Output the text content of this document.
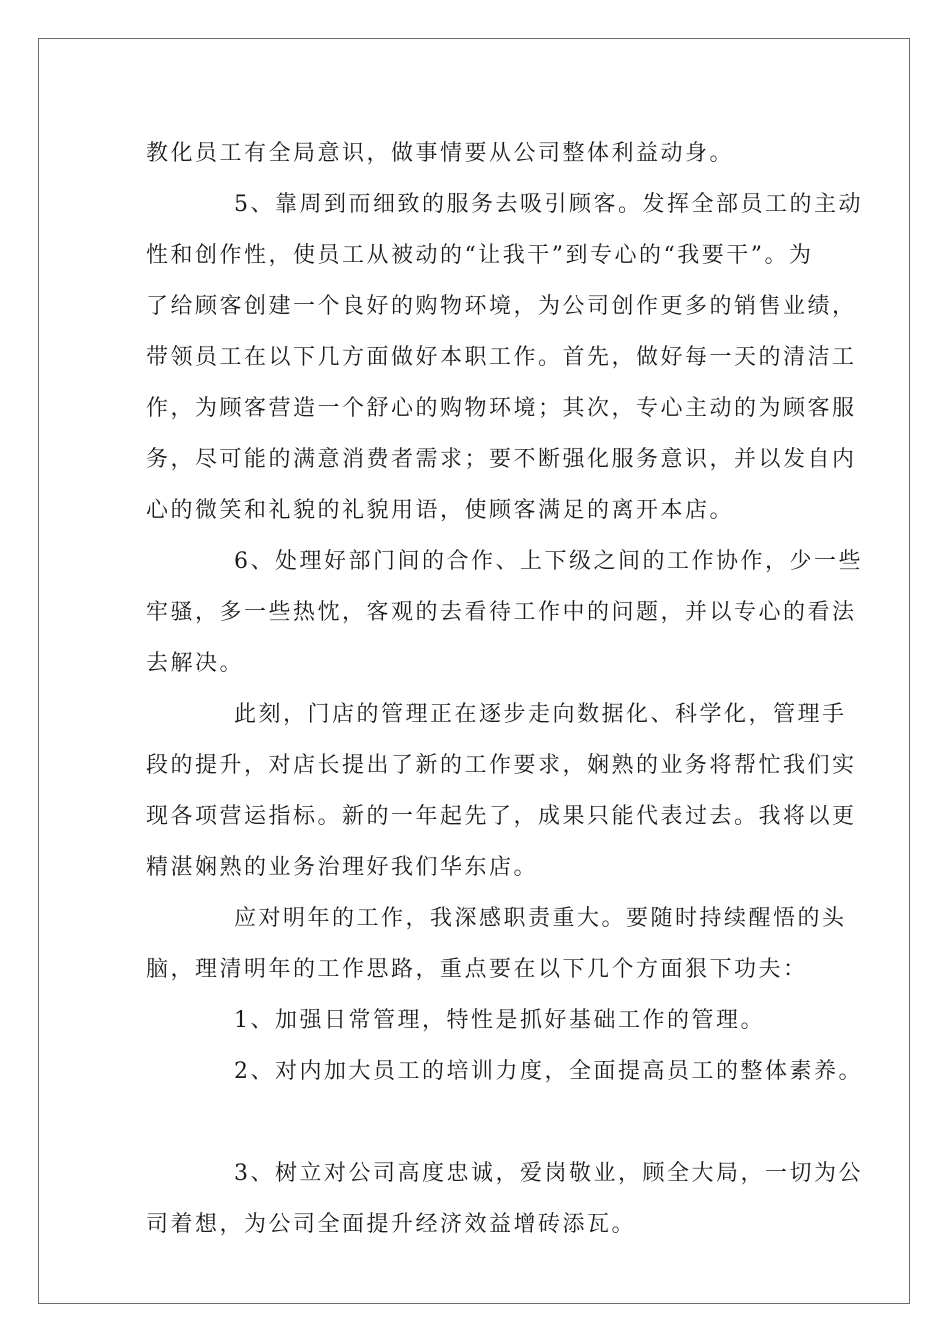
教化员工有全局意识，做事情要从公司整体利益动身。
5、靠周到而细致的服务去吸引顾客。发挥全部员工的主动
性和创作性，使员工从被动的“让我干”到专心的“我要干”。为
了给顾客创建一个良好的购物环境，为公司创作更多的销售业绩，
带领员工在以下几方面做好本职工作。首先，做好每一天的清洁工
作，为顾客营造一个舒心的购物环境；其次，专心主动的为顾客服
务，尽可能的满意消费者需求；要不断强化服务意识，并以发自内
心的微笑和礼貌的礼貌用语，使顾客满足的离开本店。
6、处理好部门间的合作、上下级之间的工作协作，少一些
牢骚，多一些热忱，客观的去看待工作中的问题，并以专心的看法
去解决。
此刻，门店的管理正在逐步走向数据化、科学化，管理手
段的提升，对店长提出了新的工作要求，娴熟的业务将帮忙我们实
现各项营运指标。新的一年起先了，成果只能代表过去。我将以更
精湛娴熟的业务治理好我们华东店。
应对明年的工作，我深感职责重大。要随时持续醒悟的头
脑，理清明年的工作思路，重点要在以下几个方面狠下功夫：
1、加强日常管理，特性是抓好基础工作的管理。
2、对内加大员工的培训力度，全面提高员工的整体素养。
3、树立对公司高度忠诚，爱岗敬业，顾全大局，一切为公
司着想，为公司全面提升经济效益增砖添瓦。
